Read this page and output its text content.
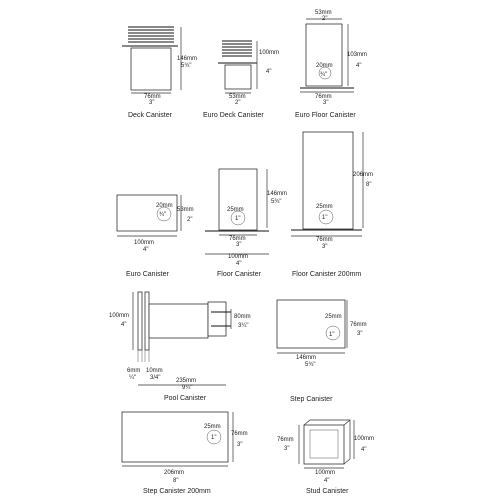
146mm
5¾"
76mm
3"
Deck Canister
100mm
4"
53mm
2"
Euro Deck Canister
53mm
2"
103mm
4"
20mm
¾"
76mm
3"
Euro Floor Canister
20mm
¾"
53mm
2"
100mm
4"
Euro Canister
25mm
1"
146mm
5¾"
76mm
3"
100mm
4"
Floor Canister
25mm
1"
206mm
8"
76mm
3"
Floor Canister 200mm
100mm
4"
80mm
3¼"
6mm
¼"
10mm
3/4"	235mm
9¼"
Pool Canister
25mm
1"
76mm
3"
146mm
5¾"
Step Canister
25mm
1"
76mm
3"
206mm
8"
Step Canister 200mm
76mm
3"
100mm
4"
100mm
4"
Stud Canister
